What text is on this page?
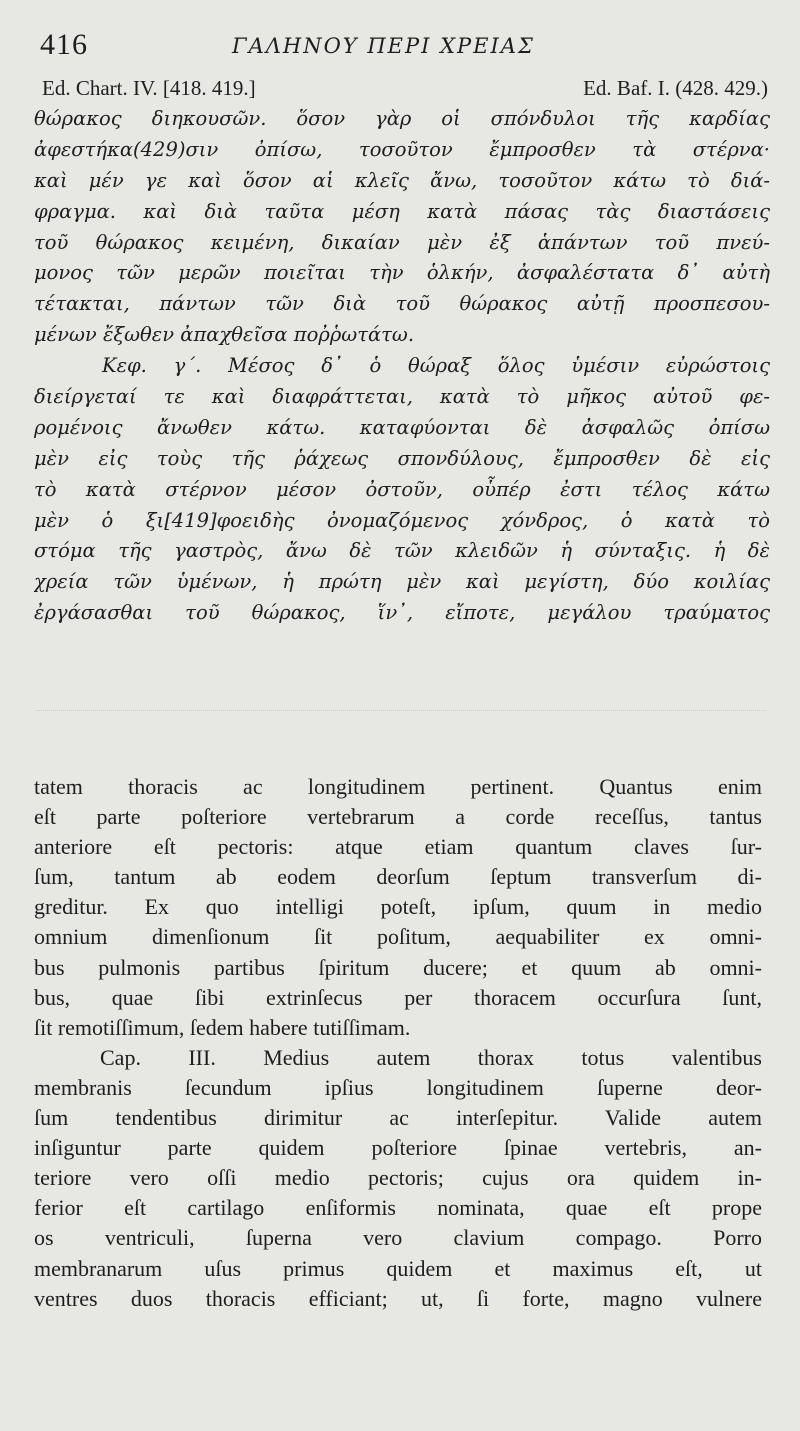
416	ΓΑΛΗΝΟΥ ΠΕΡΙ ΧΡΕΙΑΣ
Ed. Chart. IV. [418. 419.]	Ed. Baf. I. (428. 429.)
θώρακος διηκουσῶν. ὅσον γὰρ οἱ σπόνδυλοι τῆς καρδίας
ἀφεστήκα(429)σιν ὀπίσω, τοσοῦτον ἔμπροσθεν τὰ στέρνα·
καὶ μέν γε καὶ ὅσον αἱ κλεῖς ἄνω, τοσοῦτον κάτω τὸ διά-
φραγμα. καὶ διὰ ταῦτα μέση κατὰ πάσας τὰς διαστάσεις
τοῦ θώρακος κειμένη, δικαίαν μὲν ἐξ ἁπάντων τοῦ πνεύ-
μονος τῶν μερῶν ποιεῖται τὴν ὁλκήν, ἀσφαλέστατα δ᾽ αὐτὴ
τέτακται, πάντων τῶν διὰ τοῦ θώρακος αὐτῇ προσπεσου-
μένων ἔξωθεν ἀπαχθεῖσα ποῤῥωτάτω.
Κεφ. γ΄. Μέσος δ᾽ ὁ θώραξ ὅλος ὑμέσιν εὐρώστοις
διείργεταί τε καὶ διαφράττεται, κατὰ τὸ μῆκος αὐτοῦ φε-
ρομένοις ἄνωθεν κάτω. καταφύονται δὲ ἀσφαλῶς ὀπίσω
μὲν εἰς τοὺς τῆς ῥάχεως σπονδύλους, ἔμπροσθεν δὲ εἰς
τὸ κατὰ στέρνον μέσον ὀστοῦν, οὗπέρ ἐστι τέλος κάτω
μὲν ὁ ξι[419]φοειδὴς ὀνομαζόμενος χόνδρος, ὁ κατὰ τὸ
στόμα τῆς γαστρὸς, ἄνω δὲ τῶν κλειδῶν ἡ σύνταξις. ἡ δὲ
χρεία τῶν ὑμένων, ἡ πρώτη μὲν καὶ μεγίστη, δύο κοιλίας
ἐργάσασθαι τοῦ θώρακος, ἵν᾽, εἴποτε, μεγάλου τραύματος
tatem thoracis ac longitudinem pertinent. Quantus enim
eſt parte poſteriore vertebrarum a corde receſſus, tantus
anteriore eſt pectoris: atque etiam quantum claves ſur-
ſum, tantum ab eodem deorſum ſeptum transverſum di-
greditur. Ex quo intelligi poteſt, ipſum, quum in medio
omnium dimenſionum ſit poſitum, aequabiliter ex omni-
bus pulmonis partibus ſpiritum ducere; et quum ab omni-
bus, quae ſibi extrinſecus per thoracem occurſura ſunt,
ſit remotiſſimum, ſedem habere tutiſſimam.
Cap. III. Medius autem thorax totus valentibus
membranis ſecundum ipſius longitudinem ſuperne deor-
ſum tendentibus dirimitur ac interſepitur. Valide autem
inſiguntur parte quidem poſteriore ſpinae vertebris, an-
teriore vero oſſi medio pectoris; cujus ora quidem in-
ferior eſt cartilago enſiformis nominata, quae eſt prope
os ventriculi, ſuperna vero clavium compago. Porro
membranarum uſus primus quidem et maximus eſt, ut
ventres duos thoracis efficiant; ut, ſi forte, magno vulnere
